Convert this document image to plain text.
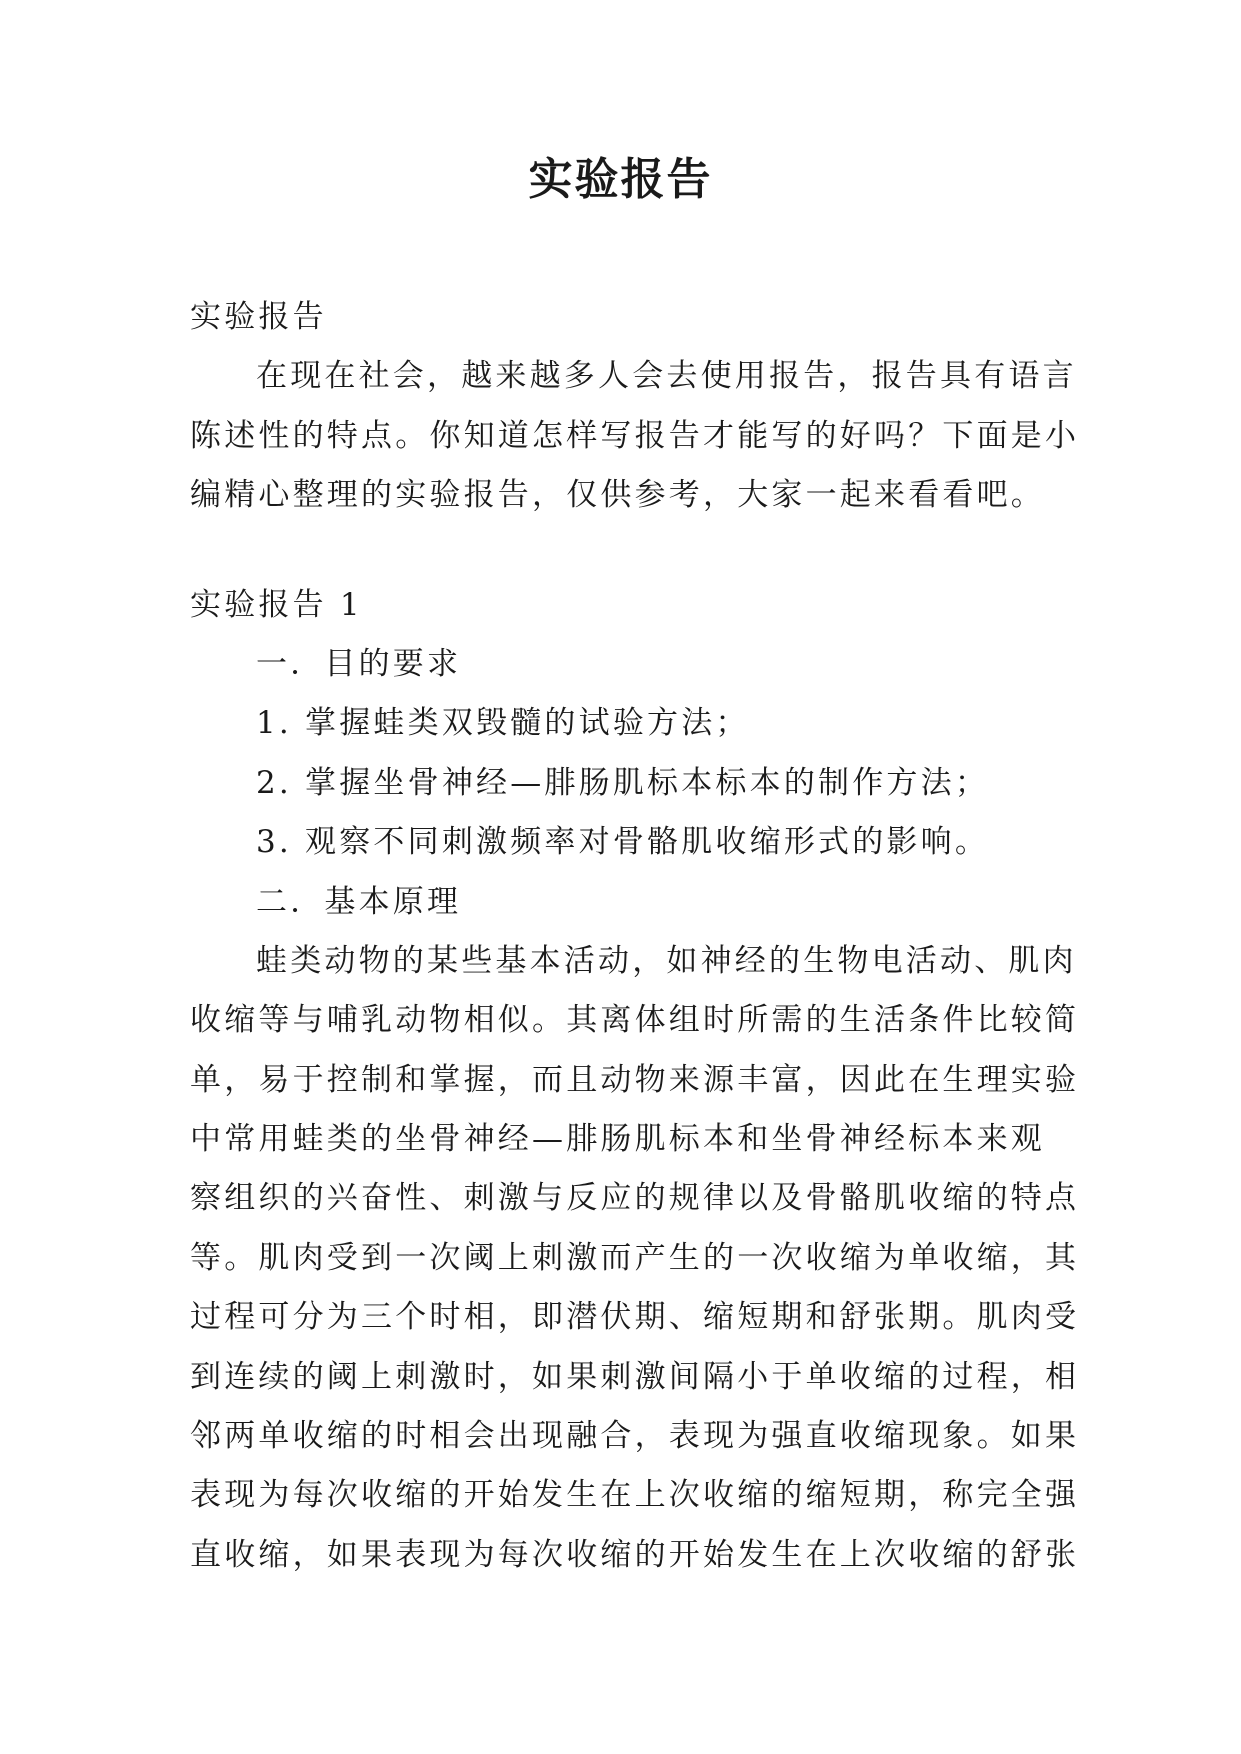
实验报告
实验报告
在现在社会，越来越多人会去使用报告，报告具有语言
陈述性的特点。你知道怎样写报告才能写的好吗？下面是小
编精心整理的实验报告，仅供参考，大家一起来看看吧。
实验报告 1
一．目的要求
1. 掌握蛙类双毁髓的试验方法；
2. 掌握坐骨神经—腓肠肌标本标本的制作方法；
3. 观察不同刺激频率对骨骼肌收缩形式的影响。
二．基本原理
蛙类动物的某些基本活动，如神经的生物电活动、肌肉
收缩等与哺乳动物相似。其离体组时所需的生活条件比较简
单，易于控制和掌握，而且动物来源丰富，因此在生理实验
中常用蛙类的坐骨神经—腓肠肌标本和坐骨神经标本来观
察组织的兴奋性、刺激与反应的规律以及骨骼肌收缩的特点
等。肌肉受到一次阈上刺激而产生的一次收缩为单收缩，其
过程可分为三个时相，即潜伏期、缩短期和舒张期。肌肉受
到连续的阈上刺激时，如果刺激间隔小于单收缩的过程，相
邻两单收缩的时相会出现融合，表现为强直收缩现象。如果
表现为每次收缩的开始发生在上次收缩的缩短期，称完全强
直收缩，如果表现为每次收缩的开始发生在上次收缩的舒张
